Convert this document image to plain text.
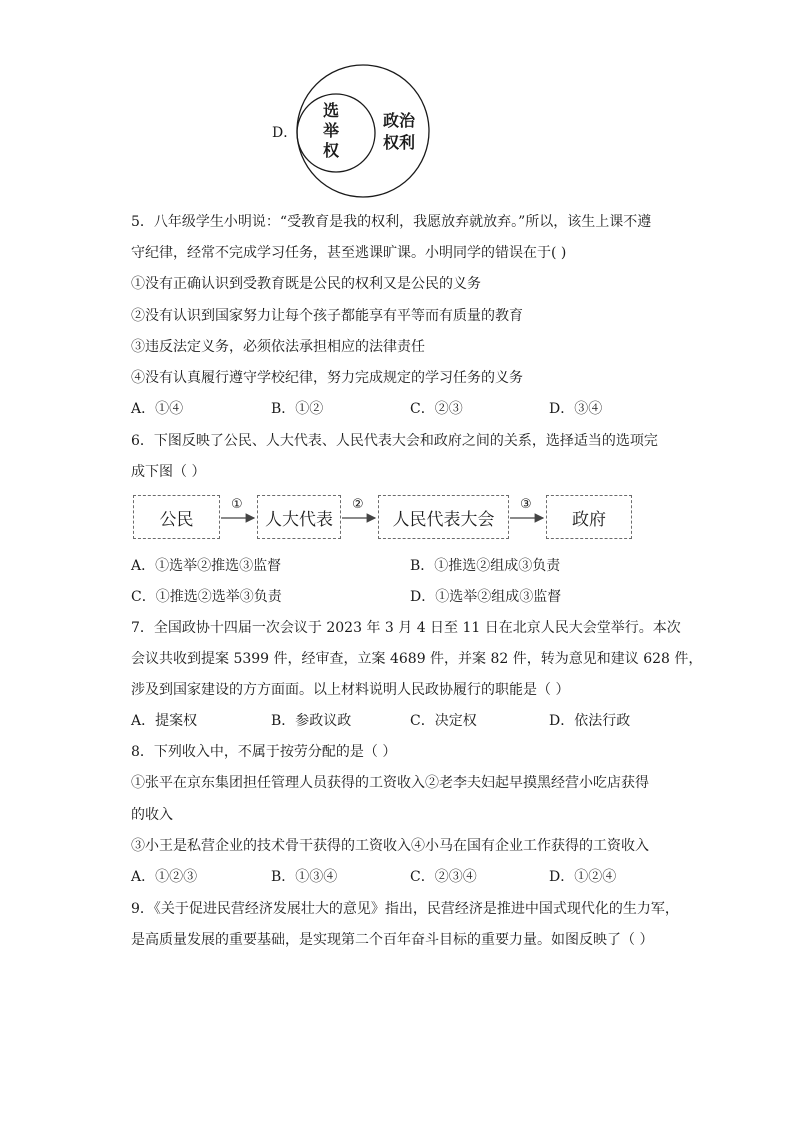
D．
选
举
权
政治
权利
5．八年级学生小明说：“受教育是我的权利，我愿放弃就放弃。”所以，该生上课不遵
守纪律，经常不完成学习任务，甚至逃课旷课。小明同学的错误在于( )
①没有正确认识到受教育既是公民的权利又是公民的义务
②没有认识到国家努力让每个孩子都能享有平等而有质量的教育
③违反法定义务，必须依法承担相应的法律责任
④没有认真履行遵守学校纪律，努力完成规定的学习任务的义务
A．①④	B．①②	C．②③	D．③④
6．下图反映了公民、人大代表、人民代表大会和政府之间的关系，选择适当的选项完
成下图（ ）
公民	人大代表	人民代表大会	政府
①	②	③
A．①选举②推选③监督	B．①推选②组成③负责
C．①推选②选举③负责	D．①选举②组成③监督
7．全国政协十四届一次会议于 2023 年 3 月 4 日至 11 日在北京人民大会堂举行。本次
会议共收到提案 5399 件，经审查，立案 4689 件，并案 82 件，转为意见和建议 628 件，
涉及到国家建设的方方面面。以上材料说明人民政协履行的职能是（ ）
A．提案权	B．参政议政	C．决定权	D．依法行政
8．下列收入中，不属于按劳分配的是（ ）
①张平在京东集团担任管理人员获得的工资收入②老李夫妇起早摸黑经营小吃店获得
的收入
③小王是私营企业的技术骨干获得的工资收入④小马在国有企业工作获得的工资收入
A．①②③	B．①③④	C．②③④	D．①②④
9．《关于促进民营经济发展壮大的意见》指出，民营经济是推进中国式现代化的生力军，
是高质量发展的重要基础，是实现第二个百年奋斗目标的重要力量。如图反映了（ ）
